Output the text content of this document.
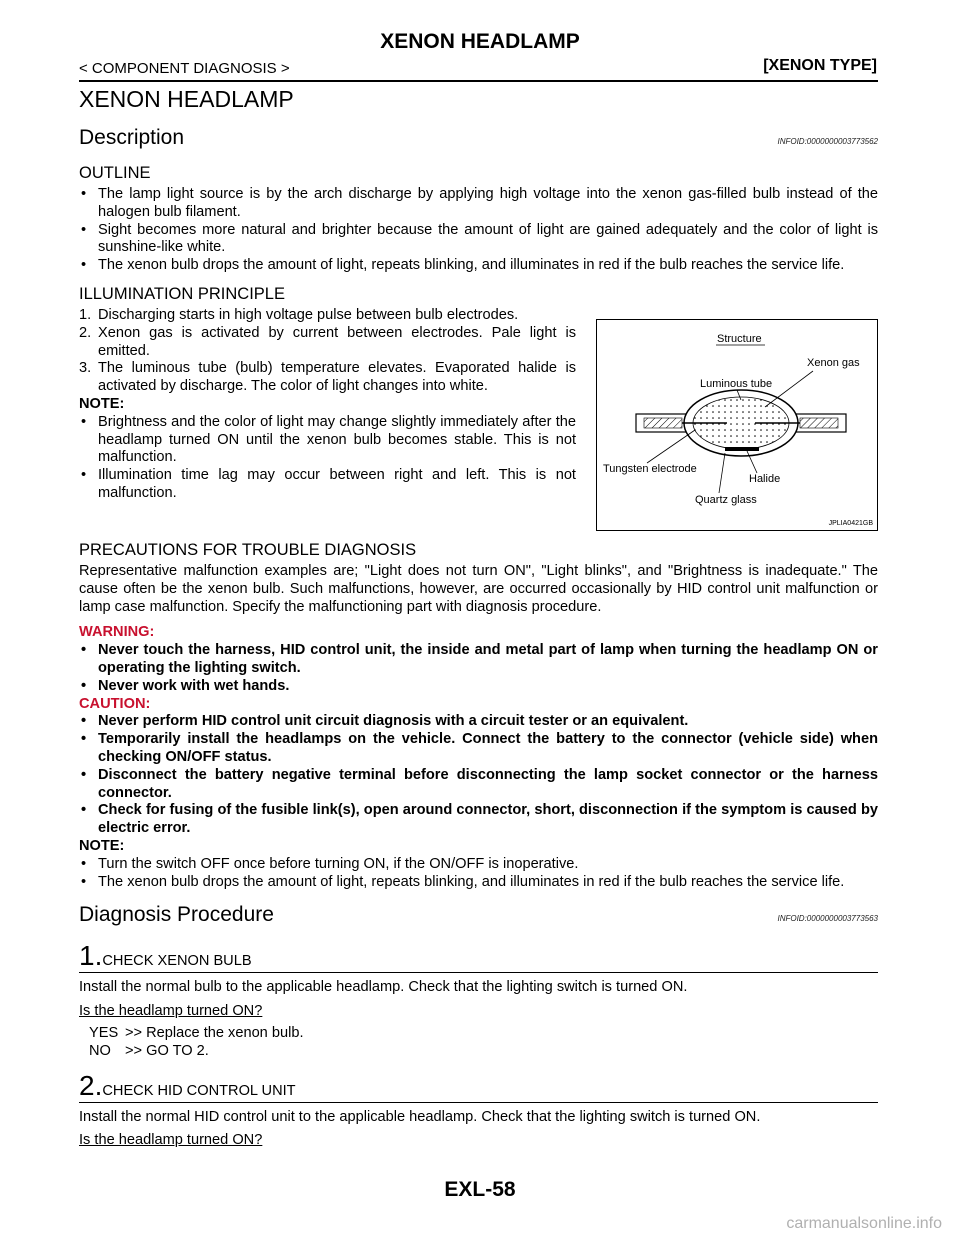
XENON HEADLAMP
< COMPONENT DIAGNOSIS >	[XENON TYPE]
XENON HEADLAMP
Description	INFOID:0000000003773562
OUTLINE
• The lamp light source is by the arch discharge by applying high voltage into the xenon gas-filled bulb instead of the halogen bulb filament.
• Sight becomes more natural and brighter because the amount of light are gained adequately and the color of light is sunshine-like white.
• The xenon bulb drops the amount of light, repeats blinking, and illuminates in red if the bulb reaches the service life.
ILLUMINATION PRINCIPLE
1. Discharging starts in high voltage pulse between bulb electrodes.
2. Xenon gas is activated by current between electrodes. Pale light is emitted.
3. The luminous tube (bulb) temperature elevates. Evaporated halide is activated by discharge. The color of light changes into white.
NOTE:
• Brightness and the color of light may change slightly immediately after the headlamp turned ON until the xenon bulb becomes stable. This is not malfunction.
• Illumination time lag may occur between right and left. This is not malfunction.
Structure
Xenon gas
Luminous tube
Tungsten electrode
Halide
Quartz glass
JPLIA0421GB
PRECAUTIONS FOR TROUBLE DIAGNOSIS

Representative malfunction examples are; "Light does not turn ON", "Light blinks", and "Brightness is inadequate." The cause often be the xenon bulb. Such malfunctions, however, are occurred occasionally by HID control unit malfunction or lamp case malfunction. Specify the malfunctioning part with diagnosis procedure.

WARNING:
• Never touch the harness, HID control unit, the inside and metal part of lamp when turning the headlamp ON or operating the lighting switch.
• Never work with wet hands.
CAUTION:
• Never perform HID control unit circuit diagnosis with a circuit tester or an equivalent.
• Temporarily install the headlamps on the vehicle. Connect the battery to the connector (vehicle side) when checking ON/OFF status.
• Disconnect the battery negative terminal before disconnecting the lamp socket connector or the harness connector.
• Check for fusing of the fusible link(s), open around connector, short, disconnection if the symptom is caused by electric error.
NOTE:
• Turn the switch OFF once before turning ON, if the ON/OFF is inoperative.
• The xenon bulb drops the amount of light, repeats blinking, and illuminates in red if the bulb reaches the service life.
Diagnosis Procedure	INFOID:0000000003773563
1. CHECK XENON BULB

Install the normal bulb to the applicable headlamp. Check that the lighting switch is turned ON.

Is the headlamp turned ON?

YES >> Replace the xenon bulb.
NO >> GO TO 2.
2. CHECK HID CONTROL UNIT

Install the normal HID control unit to the applicable headlamp. Check that the lighting switch is turned ON.

Is the headlamp turned ON?

EXL-58
carmanualsonline.info
